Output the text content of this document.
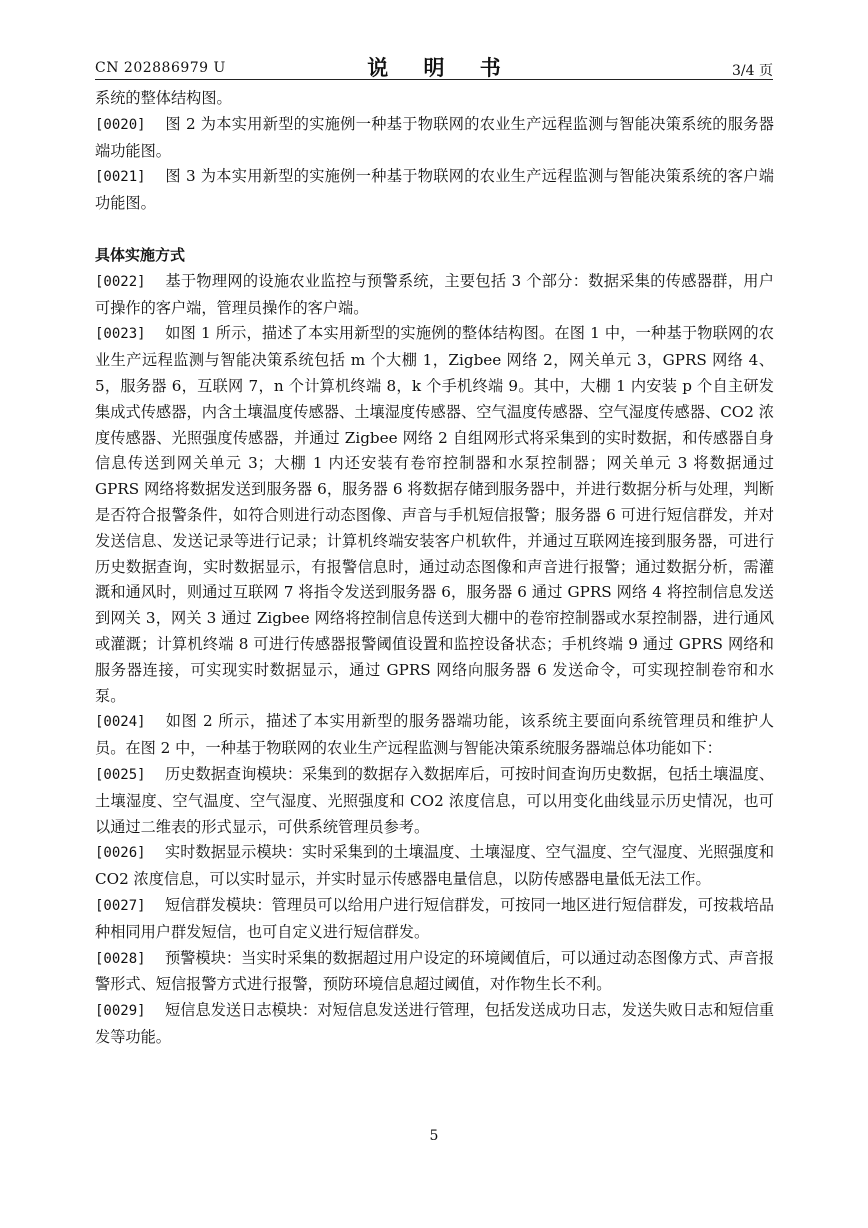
CN 202886979 U	说 明 书	3/4 页

系统的整体结构图。

[0020] 图 2 为本实用新型的实施例一种基于物联网的农业生产远程监测与智能决策系统的服务器端功能图。

[0021] 图 3 为本实用新型的实施例一种基于物联网的农业生产远程监测与智能决策系统的客户端功能图。

具体实施方式

[0022] 基于物理网的设施农业监控与预警系统，主要包括 3 个部分：数据采集的传感器群，用户可操作的客户端，管理员操作的客户端。

[0023] 如图 1 所示，描述了本实用新型的实施例的整体结构图。在图 1 中，一种基于物联网的农业生产远程监测与智能决策系统包括 m 个大棚 1，Zigbee 网络 2，网关单元 3，GPRS 网络 4、5，服务器 6，互联网 7，n 个计算机终端 8，k 个手机终端 9。其中，大棚 1 内安装 p 个自主研发集成式传感器，内含土壤温度传感器、土壤湿度传感器、空气温度传感器、空气湿度传感器、CO2 浓度传感器、光照强度传感器，并通过 Zigbee 网络 2 自组网形式将采集到的实时数据，和传感器自身信息传送到网关单元 3；大棚 1 内还安装有卷帘控制器和水泵控制器；网关单元 3 将数据通过 GPRS 网络将数据发送到服务器 6，服务器 6 将数据存储到服务器中，并进行数据分析与处理，判断是否符合报警条件，如符合则进行动态图像、声音与手机短信报警；服务器 6 可进行短信群发，并对发送信息、发送记录等进行记录；计算机终端安装客户机软件，并通过互联网连接到服务器，可进行历史数据查询，实时数据显示，有报警信息时，通过动态图像和声音进行报警；通过数据分析，需灌溉和通风时，则通过互联网 7 将指令发送到服务器 6，服务器 6 通过 GPRS 网络 4 将控制信息发送到网关 3，网关 3 通过 Zigbee 网络将控制信息传送到大棚中的卷帘控制器或水泵控制器，进行通风或灌溉；计算机终端 8 可进行传感器报警阈值设置和监控设备状态；手机终端 9 通过 GPRS 网络和服务器连接，可实现实时数据显示，通过 GPRS 网络向服务器 6 发送命令，可实现控制卷帘和水泵。

[0024] 如图 2 所示，描述了本实用新型的服务器端功能，该系统主要面向系统管理员和维护人员。在图 2 中，一种基于物联网的农业生产远程监测与智能决策系统服务器端总体功能如下：

[0025] 历史数据查询模块：采集到的数据存入数据库后，可按时间查询历史数据，包括土壤温度、土壤湿度、空气温度、空气湿度、光照强度和 CO2 浓度信息，可以用变化曲线显示历史情况，也可以通过二维表的形式显示，可供系统管理员参考。

[0026] 实时数据显示模块：实时采集到的土壤温度、土壤湿度、空气温度、空气湿度、光照强度和 CO2 浓度信息，可以实时显示，并实时显示传感器电量信息，以防传感器电量低无法工作。

[0027] 短信群发模块：管理员可以给用户进行短信群发，可按同一地区进行短信群发，可按栽培品种相同用户群发短信，也可自定义进行短信群发。

[0028] 预警模块：当实时采集的数据超过用户设定的环境阈值后，可以通过动态图像方式、声音报警形式、短信报警方式进行报警，预防环境信息超过阈值，对作物生长不利。

[0029] 短信息发送日志模块：对短信息发送进行管理，包括发送成功日志，发送失败日志和短信重发等功能。

5
